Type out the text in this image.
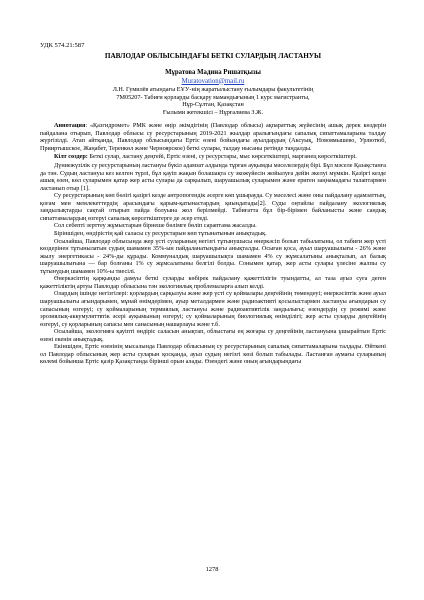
УДК 574.21:587

ПАВЛОДАР ОБЛЫСЫНДАҒЫ БЕТКІ СУЛАРДЫҢ ЛАСТАНУЫ

Мұратова Мадина Ришатқызы

Muratovation@mail.ru

Л.Н. Гумилёв атындағы ЕҰУ-нің жаратылыстану ғылымдары факультетінің

7M05207- Табиғи қорларды басқару мамандығының 1 курс магистранты,

Нұр-Сұлтан, Қазақстан

Ғылыми жетекшісі – Нұрғалиева З.Ж.

Аннотация: «Қазгидромет» РМК және өңір әкімдігінің (Павлодар облысы) ақпараттық жүйесінің ашық дерек көздерін пайдалана отырып, Павлодар облысы су ресурстарының 2019-2021 жылдар аралығындағы сапалық сипаттамаларына талдау жүргізілді. Атап айтқанда, Павлодар облысындағы Ертіс өзені бойындағы ауылдардың (Аксуық, Новоямышево, Урлютюб, Прииртышское, Жаңабет, Теренкөл және Черноярское) беткі сулары, талдау нысаны ретінде таңдалды.

Кілт сөздер: Беткі сулар, ластану деңгейі, Ертіс өзені, су ресурстары, мыс көрсеткіштері, марганец көрсеткіштері.

Дүниежүзілік су ресурстарының ластануы бүкіл адамзат алдында тұрған ауқымды мәселелердің бірі. Бұл мәселе Қазақстанға да тән. Судың ластануы кез келген түрлі, бұл қауіп жақын болашақта су экожүйесін жойылуға дейін әкелуі мүмкін. Қазіргі кезде ашық өзен, көл суларымен қатар жер асты сулары да сарқылып, шаруашылық суларымен және ериген заңнамадағы талаптармен ластанып отыр [1].

Су ресурстарының көп бөлігі қазіргі кезде антропогендік әсерге көп ұшырауда. Су мәселесі және оны пайдалану адамзаттың, қоғам мен мемлекеттердің арасындағы қарым-қатынастардың қиындатады[2]. Суды оңтайлы пайдалану экологиялық заңдылықтарды сақтай отырып пайда болуына жол берілмейді. Табиғатта бұл бір-бірімен байланысты және сандық сипаттамалардың өзгеруі сапалық көрсеткіштерге де әсер етеді.

Сол себепті зерттеу жұмыстарын бірнеше бөлімге бөліп сараптама жасалды.

Біріншіден, өндірістің қай саласы су ресурстарын көп тұтынатынын анықтадық.

Осылайша, Павлодар облысында жер үсті суларының негізгі тұтынушысы өнеркәсіп болып табылатыны, ол табиғи жер үсті көздерінен тұтынылатын судың шамамен 35%-ын пайдаланатындығы анықталды. Осыған қоса, ауыл шаруашылығы - 26% және жылу энергетикасы - 24%-ды құрады. Коммуналдық шаруашылықта шамамен 4% су жұмсалатыны анықталып, ал балық шаруашылығына — бар болғаны 1% су жұмсалатыны белгілі болды. Сонымен қатар, жер асты сулары үлесіне жалпы су тұтынудың шамамен 10%-ы тиесілі.

Өнеркәсіптің қарқынды дамуы беткі суларды көбірек пайдалану қажеттілігін туындатты, ал таза ауыз суға деген қажеттіліктің артуы Павлодар облысына тән экологиялық проблемаларға алып келді.

Олардың ішінде негізгілері: қорлардың сарқылуы және жер үсті су қоймалары деңгейінің төмендеуі; өнеркәсіптік және ауыл шаруашылығы ағындарымен, мұнай өнімдерімен, ауыр металдармен және радиоактивті қосылыстармен ластануы ағындарын су сапасының өзгеруі; су қоймаларының термиялық ластануы және радиоактивтілік заңдылығы; өзендердің су режимі және эрозиялық-аккумуляттвтік әсері ауқымының өзгеруі; су қоймаларының биологиялық өнімділігі; жер асты суларды деңгейінің өзгеруі, су қорларының сапасы мен санасының нашарлауы және т.б.

Осылайша, экологияға қауіпті өндіріс саласын анықтап, облыстағы ең жоғары су деңгейінің ластануына ұшырайтын Ертіс өзені екенін анықтадық.

Екіншіден, Ертіс өзенінің мысалында Павлодар облысының су ресурстарының сапалық сипаттамаларына талдады. Өйткені ол Павлодар облысының жер асты суларын қосқанда, ауыз судың негізгі көзі болып табылады. Ластанған аумағы суларының көлемі бойынша Ертіс қазір Қазақстанда бірінші орын алады. Өзендегі және оның ағындарындағы

1278
